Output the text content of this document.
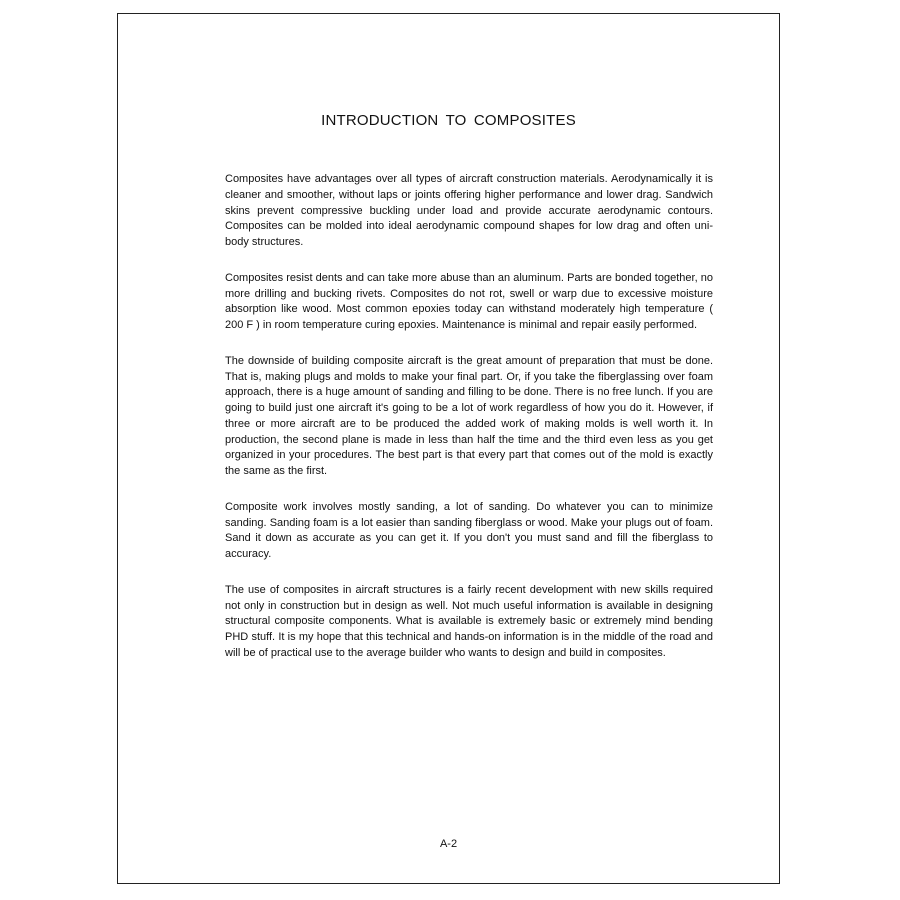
INTRODUCTION TO COMPOSITES

Composites have advantages over all types of aircraft construction materials. Aerodynamically it is cleaner and smoother, without laps or joints offering higher performance and lower drag. Sandwich skins prevent compressive buckling under load and provide accurate aerodynamic contours. Composites can be molded into ideal aerodynamic compound shapes for low drag and often uni-body structures.

Composites resist dents and can take more abuse than an aluminum. Parts are bonded together, no more drilling and bucking rivets. Composites do not rot, swell or warp due to excessive moisture absorption like wood. Most common epoxies today can withstand moderately high temperature ( 200 F ) in room temperature curing epoxies. Maintenance is minimal and repair easily performed.

The downside of building composite aircraft is the great amount of preparation that must be done. That is, making plugs and molds to make your final part. Or, if you take the fiberglassing over foam approach, there is a huge amount of sanding and filling to be done. There is no free lunch. If you are going to build just one aircraft it's going to be a lot of work regardless of how you do it. However, if three or more aircraft are to be produced the added work of making molds is well worth it. In production, the second plane is made in less than half the time and the third even less as you get organized in your procedures. The best part is that every part that comes out of the mold is exactly the same as the first.

Composite work involves mostly sanding, a lot of sanding. Do whatever you can to minimize sanding. Sanding foam is a lot easier than sanding fiberglass or wood. Make your plugs out of foam. Sand it down as accurate as you can get it. If you don't you must sand and fill the fiberglass to accuracy.

The use of composites in aircraft structures is a fairly recent development with new skills required not only in construction but in design as well. Not much useful information is available in designing structural composite components. What is available is extremely basic or extremely mind bending PHD stuff. It is my hope that this technical and hands-on information is in the middle of the road and will be of practical use to the average builder who wants to design and build in composites.

A-2
